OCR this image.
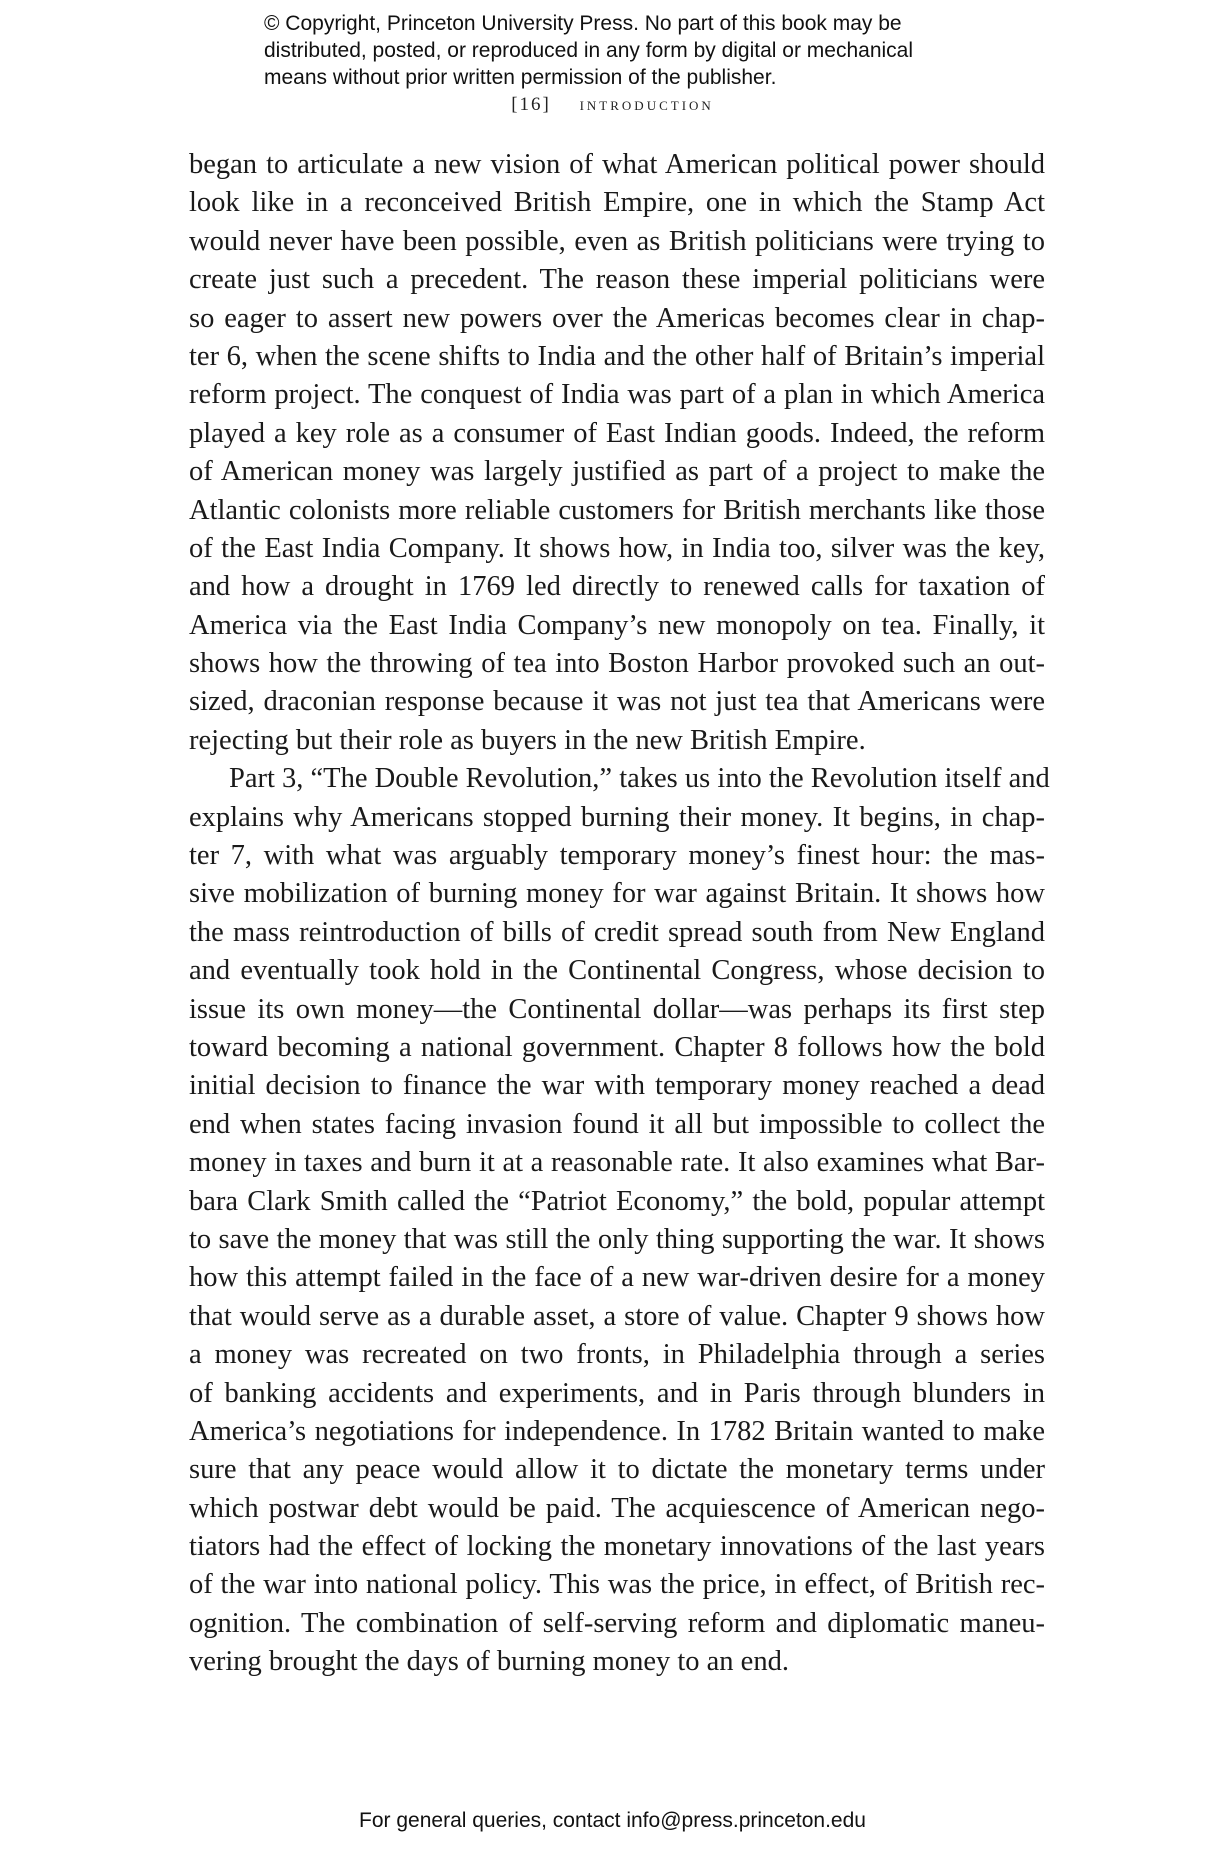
© Copyright, Princeton University Press. No part of this book may be
distributed, posted, or reproduced in any form by digital or mechanical
means without prior written permission of the publisher.
[16] introduction
began to articulate a new vision of what American political power should
look like in a reconceived British Empire, one in which the Stamp Act
would never have been possible, even as British politicians were trying to
create just such a precedent. The reason these imperial politicians were
so eager to assert new powers over the Americas becomes clear in chap-
ter 6, when the scene shifts to India and the other half of Britain’s imperial
reform project. The conquest of India was part of a plan in which America
played a key role as a consumer of East Indian goods. Indeed, the reform
of American money was largely justified as part of a project to make the
Atlantic colonists more reliable customers for British merchants like those
of the East India Company. It shows how, in India too, silver was the key,
and how a drought in 1769 led directly to renewed calls for taxation of
America via the East India Company’s new monopoly on tea. Finally, it
shows how the throwing of tea into Boston Harbor provoked such an out-
sized, draconian response because it was not just tea that Americans were
rejecting but their role as buyers in the new British Empire.
Part 3, “The Double Revolution,” takes us into the Revolution itself and
explains why Americans stopped burning their money. It begins, in chap-
ter 7, with what was arguably temporary money’s finest hour: the mas-
sive mobilization of burning money for war against Britain. It shows how
the mass reintroduction of bills of credit spread south from New England
and eventually took hold in the Continental Congress, whose decision to
issue its own money—the Continental dollar—was perhaps its first step
toward becoming a national government. Chapter 8 follows how the bold
initial decision to finance the war with temporary money reached a dead
end when states facing invasion found it all but impossible to collect the
money in taxes and burn it at a reasonable rate. It also examines what Bar-
bara Clark Smith called the “Patriot Economy,” the bold, popular attempt
to save the money that was still the only thing supporting the war. It shows
how this attempt failed in the face of a new war-driven desire for a money
that would serve as a durable asset, a store of value. Chapter 9 shows how
a money was recreated on two fronts, in Philadelphia through a series
of banking accidents and experiments, and in Paris through blunders in
America’s negotiations for independence. In 1782 Britain wanted to make
sure that any peace would allow it to dictate the monetary terms under
which postwar debt would be paid. The acquiescence of American nego-
tiators had the effect of locking the monetary innovations of the last years
of the war into national policy. This was the price, in effect, of British rec-
ognition. The combination of self-serving reform and diplomatic maneu-
vering brought the days of burning money to an end.
For general queries, contact info@press.princeton.edu
